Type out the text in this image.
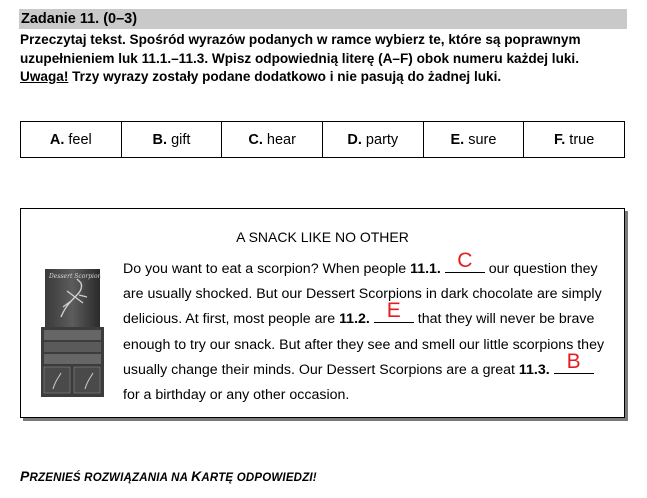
Zadanie 11. (0–3)
Przeczytaj tekst. Spośród wyrazów podanych w ramce wybierz te, które są poprawnym
uzupełnieniem luk 11.1.–11.3. Wpisz odpowiednią literę (A–F) obok numeru każdej luki.
Uwaga! Trzy wyrazy zostały podane dodatkowo i nie pasują do żadnej luki.
A. feel	B. gift	C. hear	D. party	E. sure	F. true
A SNACK LIKE NO OTHER
Dessert Scorpion Do you want to eat a scorpion? When people 11.1. C our question they
are usually shocked. But our Dessert Scorpions in dark chocolate are simply
delicious. At first, most people are 11.2. E that they will never be brave
enough to try our snack. But after they see and smell our little scorpions they
usually change their minds. Our Dessert Scorpions are a great 11.3. B
for a birthday or any other occasion.
PRZENIEŚ ROZWIĄZANIA NA KARTĘ ODPOWIEDZI!
